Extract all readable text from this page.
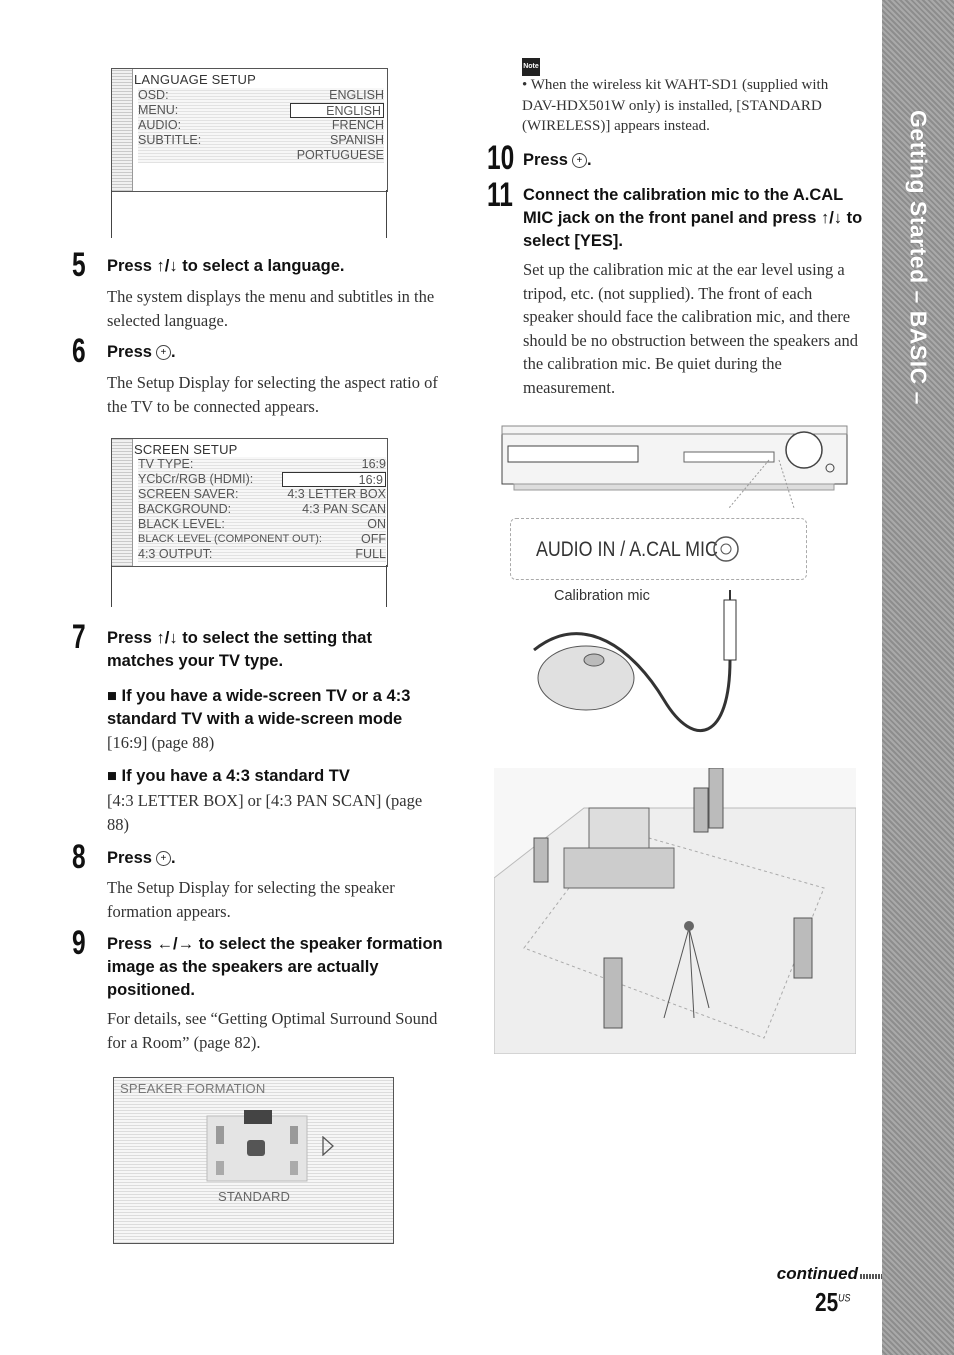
Getting Started – BASIC –
LANGUAGE SETUP
OSD:	ENGLISH
MENU:	ENGLISH
AUDIO:	FRENCH
SUBTITLE:	SPANISH
PORTUGUESE
5 Press ↑/↓ to select a language.
The system displays the menu and subtitles in the selected language.
6 Press + .
The Setup Display for selecting the aspect ratio of the TV to be connected appears.
SCREEN SETUP
TV TYPE:	16:9
YCbCr/RGB (HDMI):	16:9
SCREEN SAVER:	4:3 LETTER BOX
BACKGROUND:	4:3 PAN SCAN
BLACK LEVEL:	ON
BLACK LEVEL (COMPONENT OUT):	OFF
4:3 OUTPUT:	FULL
7 Press ↑/↓ to select the setting that matches your TV type.
■ If you have a wide-screen TV or a 4:3 standard TV with a wide-screen mode
[16:9] (page 88)
■ If you have a 4:3 standard TV
[4:3 LETTER BOX] or [4:3 PAN SCAN] (page 88)
8 Press + .
The Setup Display for selecting the speaker formation appears.
9 Press ←/→ to select the speaker formation image as the speakers are actually positioned.
For details, see “Getting Optimal Surround Sound for a Room” (page 82).
SPEAKER FORMATION
STANDARD
Note
• When the wireless kit WAHT-SD1 (supplied with DAV-HDX501W only) is installed, [STANDARD (WIRELESS)] appears instead.
10 Press + .
11 Connect the calibration mic to the A.CAL MIC jack on the front panel and press ↑/↓ to select [YES].
Set up the calibration mic at the ear level using a tripod, etc. (not supplied). The front of each speaker should face the calibration mic, and there should be no obstruction between the speakers and the calibration mic. Be quiet during the measurement.
AUDIO IN / A.CAL MIC
Calibration mic
continued
$25^{US}$
